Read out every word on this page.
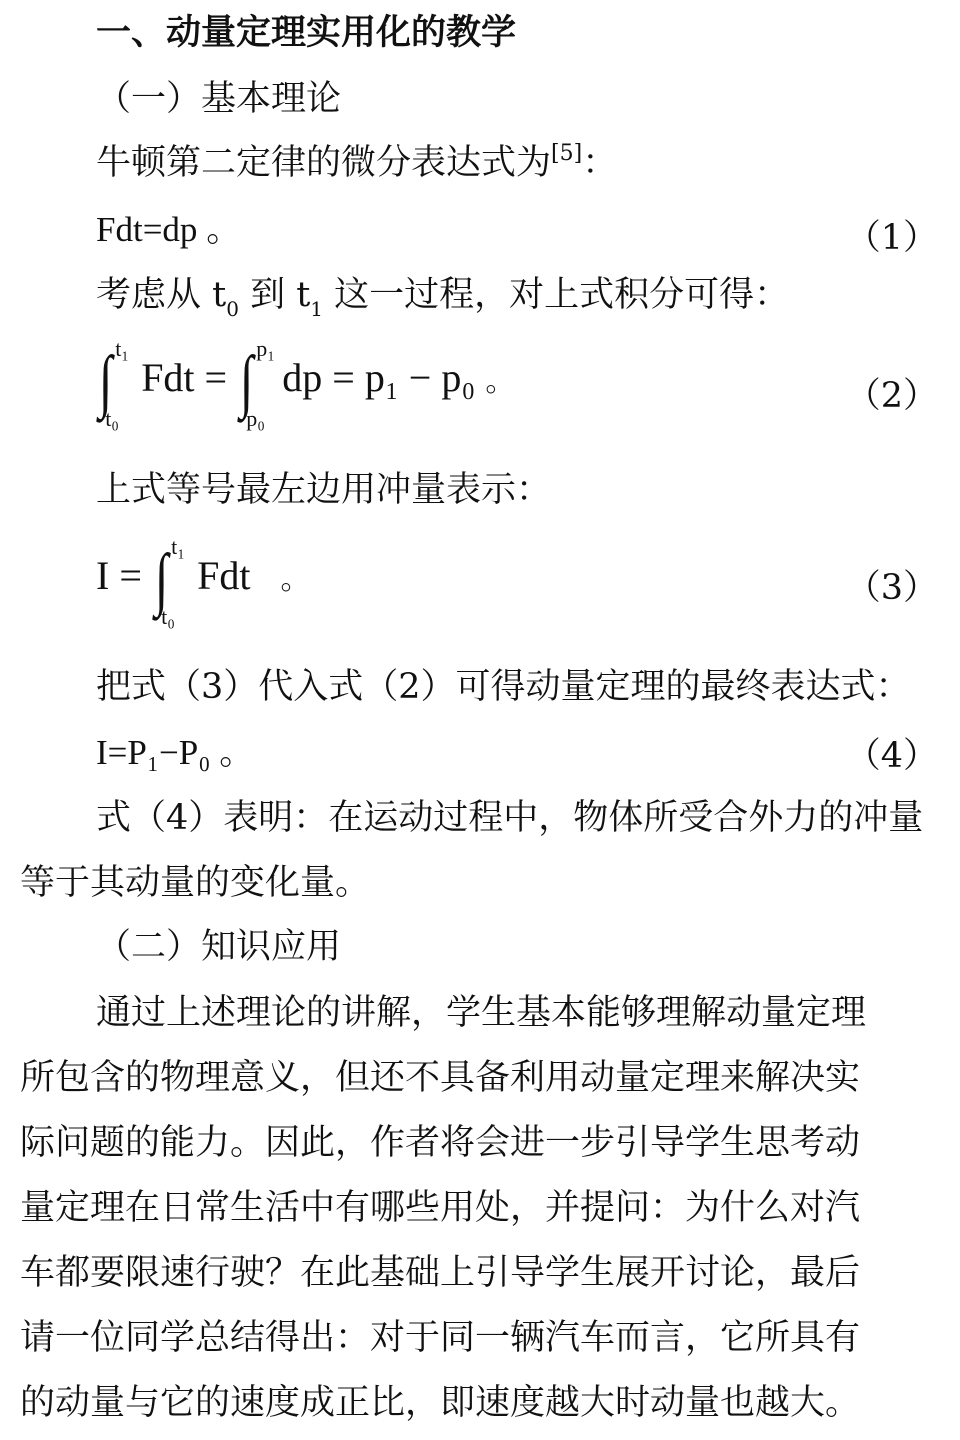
一、动量定理实用化的教学
（一）基本理论
牛顿第二定律的微分表达式为[5]：
Fdt=dp 。	（1）
考虑从 $t_0$ 到 $t_1$ 这一过程，对上式积分可得：
∫ t₁
t₀
Fdt = ∫ p₁
p₀
dp = p₁ − p₀ 。	（2）
上式等号最左边用冲量表示：
I = ∫ t₁
t₀
Fdt 。	（3）
把式（3）代入式（2）可得动量定理的最终表达式：
I=P₁−P₀ 。	（4）
式（4）表明：在运动过程中，物体所受合外力的冲量
等于其动量的变化量。
（二）知识应用
通过上述理论的讲解，学生基本能够理解动量定理
所包含的物理意义，但还不具备利用动量定理来解决实
际问题的能力。因此，作者将会进一步引导学生思考动
量定理在日常生活中有哪些用处，并提问：为什么对汽
车都要限速行驶？在此基础上引导学生展开讨论，最后
请一位同学总结得出：对于同一辆汽车而言，它所具有
的动量与它的速度成正比，即速度越大时动量也越大。
